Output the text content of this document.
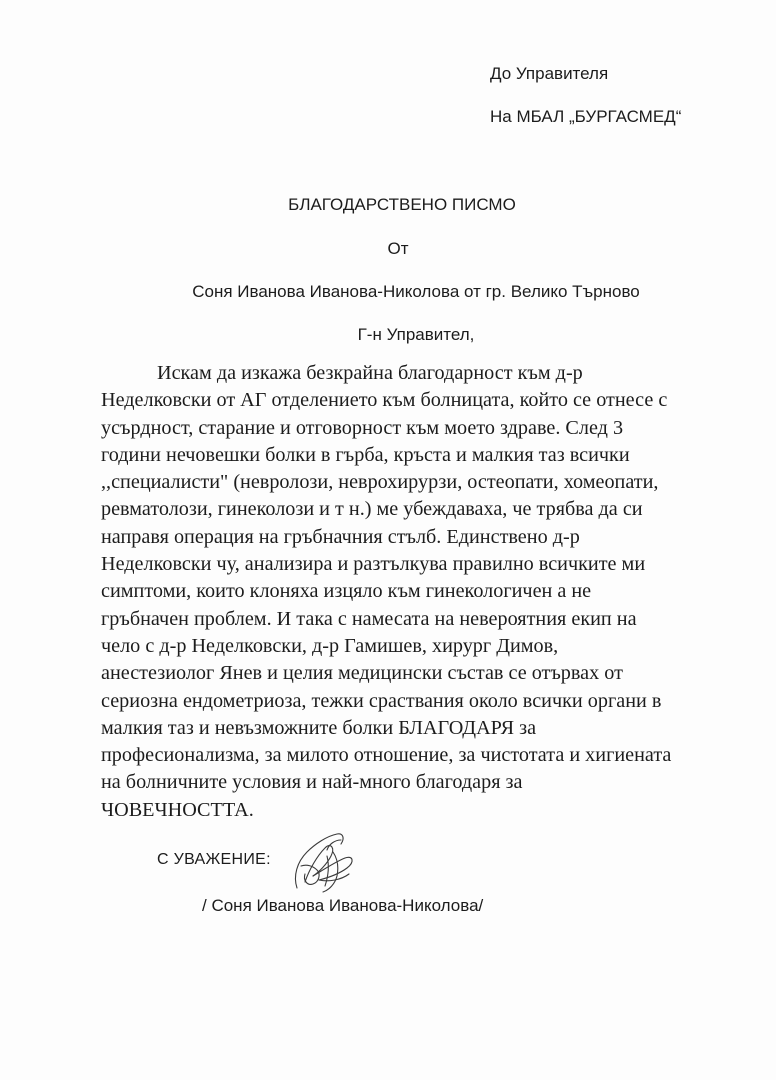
До Управителя
На МБАЛ „БУРГАСМЕД“
БЛАГОДАРСТВЕНО ПИСМО
От
Соня Иванова Иванова-Николова от гр. Велико Търново
Г-н Управител,
Искам да изкажа безкрайна благодарност към д-р
Неделковски от АГ отделението към болницата, който се отнесе с
усърдност, старание и отговорност към моето здраве. След 3
години нечовешки болки в гърба, кръста и малкия таз всички
,,специалисти" (невролози, неврохирурзи, остеопати, хомеопати,
ревматолози, гинеколози и т н.) ме убеждаваха, че трябва да си
направя операция на гръбначния стълб. Единствено д-р
Неделковски чу, анализира и разтълкува правилно всичките ми
симптоми, които клоняха изцяло към гинекологичен а не
гръбначен проблем. И така с намесата на невероятния екип на
чело с д-р Неделковски, д-р Гамишев, хирург Димов,
анестезиолог Янев и целия медицински състав се отървах от
сериозна ендометриоза, тежки сраствания около всички органи в
малкия таз и невъзможните болки БЛАГОДАРЯ за
професионализма, за милото отношение, за чистотата и хигиената
на болничните условия и най-много благодаря за
ЧОВЕЧНОСТТА.
С УВАЖЕНИЕ:
/ Соня Иванова Иванова-Николова/
